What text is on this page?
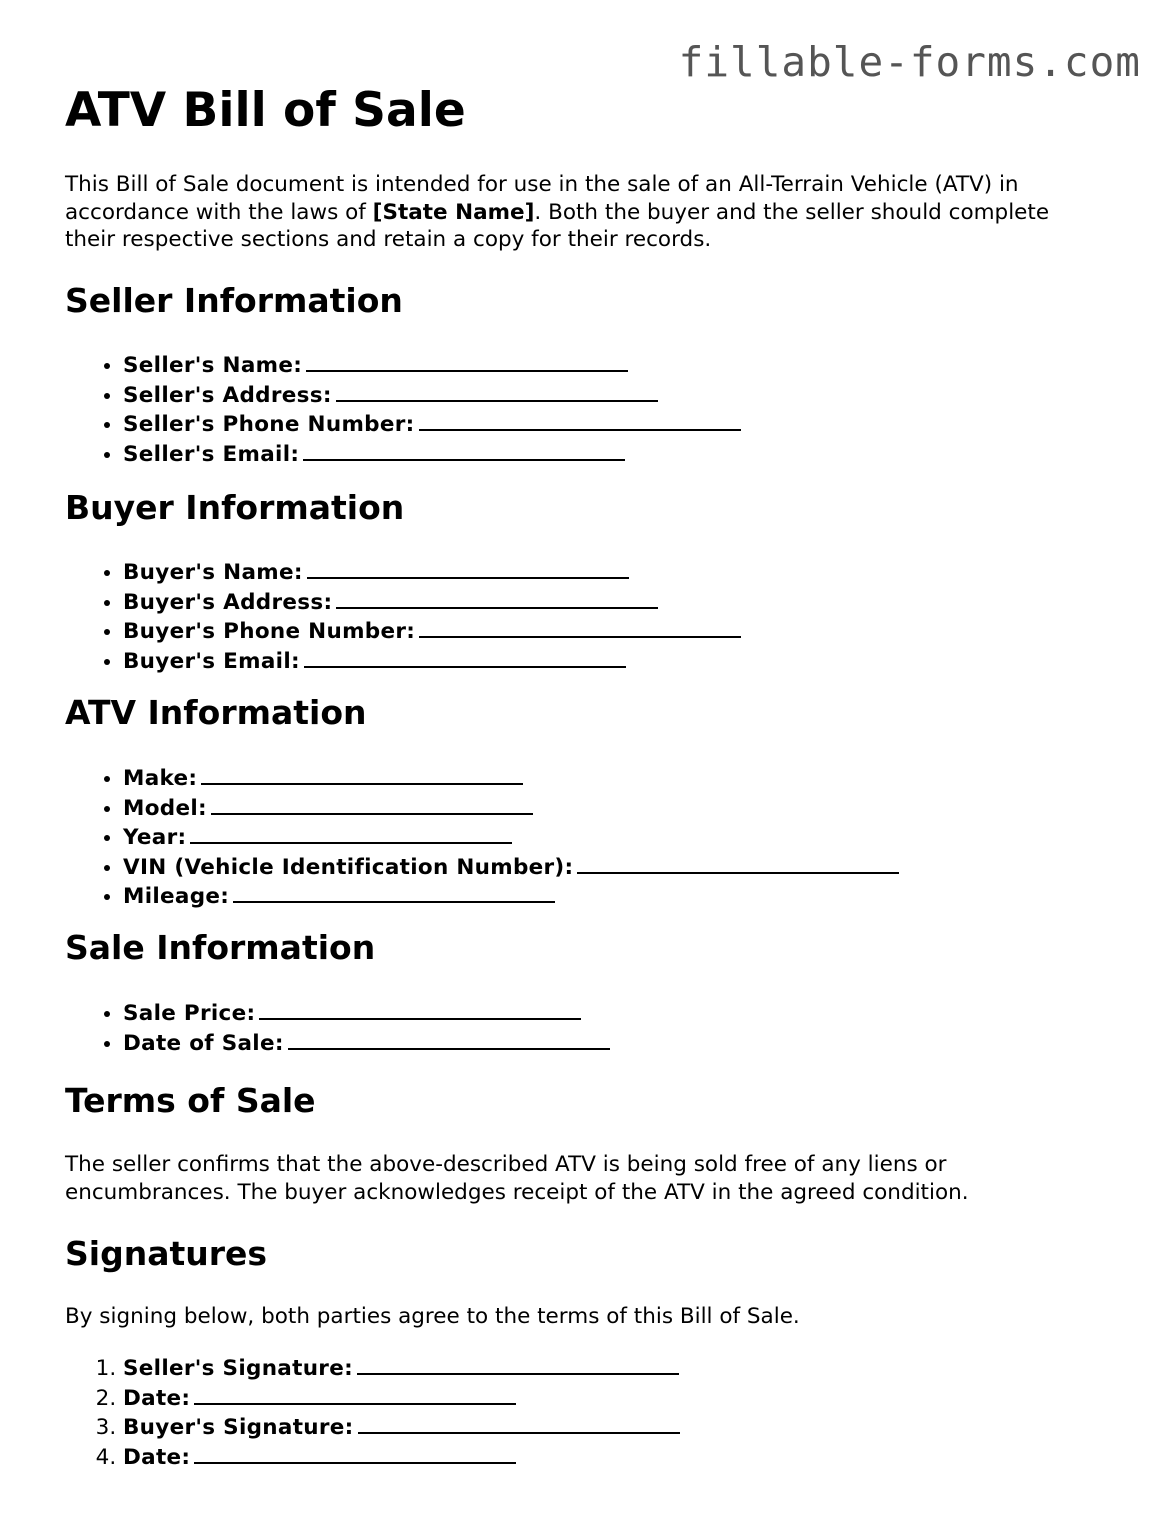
fillable-forms.com
ATV Bill of Sale

This Bill of Sale document is intended for use in the sale of an All-Terrain Vehicle (ATV) in accordance with the laws of [State Name]. Both the buyer and the seller should complete their respective sections and retain a copy for their records.

Seller Information
• Seller's Name:
• Seller's Address:
• Seller's Phone Number:
• Seller's Email:
Buyer Information
• Buyer's Name:
• Buyer's Address:
• Buyer's Phone Number:
• Buyer's Email:
ATV Information
• Make:
• Model:
• Year:
• VIN (Vehicle Identification Number):
• Mileage:
Sale Information
• Sale Price:
• Date of Sale:
Terms of Sale

The seller confirms that the above-described ATV is being sold free of any liens or encumbrances. The buyer acknowledges receipt of the ATV in the agreed condition.

Signatures

By signing below, both parties agree to the terms of this Bill of Sale.

1. Seller's Signature:
2. Date:
3. Buyer's Signature:
4. Date:
